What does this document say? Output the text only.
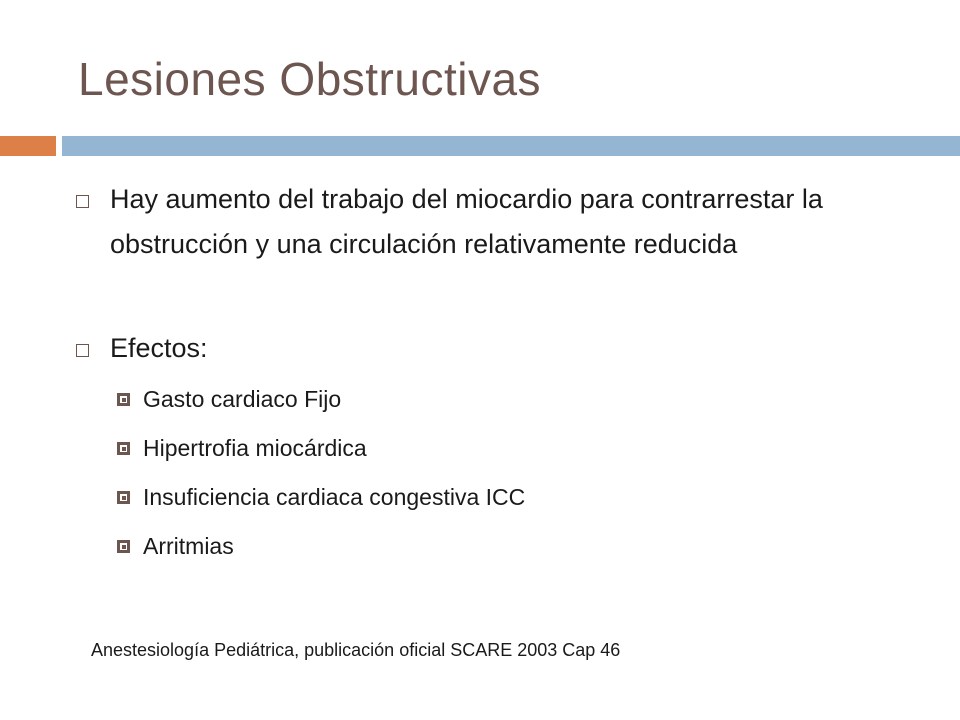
Lesiones Obstructivas
Hay aumento del trabajo del miocardio para contrarrestar la obstrucción y una circulación relativamente reducida
Efectos:
Gasto cardiaco Fijo
Hipertrofia miocárdica
Insuficiencia cardiaca congestiva ICC
Arritmias
Anestesiología Pediátrica, publicación oficial SCARE 2003 Cap 46
